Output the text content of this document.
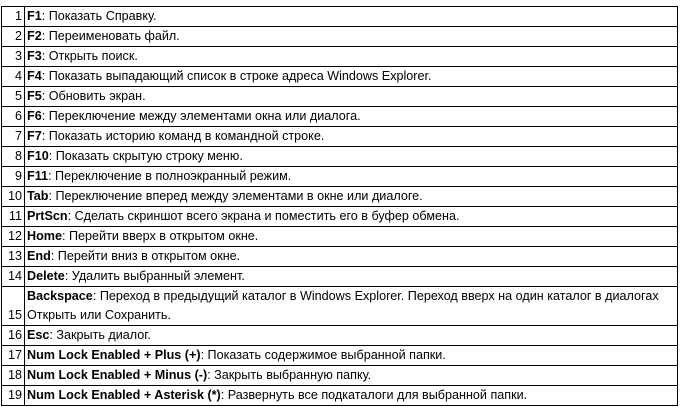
1	F1: Показать Справку.
2	F2: Переименовать файл.
3	F3: Открыть поиск.
4	F4: Показать выпадающий список в строке адреса Windows Explorer.
5	F5: Обновить экран.
6	F6: Переключение между элементами окна или диалога.
7	F7: Показать историю команд в командной строке.
8	F10: Показать скрытую строку меню.
9	F11: Переключение в полноэкранный режим.
10	Tab: Переключение вперед между элементами в окне или диалоге.
11	PrtScn: Сделать скриншот всего экрана и поместить его в буфер обмена.
12	Home: Перейти вверх в открытом окне.
13	End: Перейти вниз в открытом окне.
14	Delete: Удалить выбранный элемент.
15	Backspace: Переход в предыдущий каталог в Windows Explorer. Переход вверх на один каталог в диалогах Открыть или Сохранить.
16	Esc: Закрыть диалог.
17	Num Lock Enabled + Plus (+): Показать содержимое выбранной папки.
18	Num Lock Enabled + Minus (-): Закрыть выбранную папку.
19	Num Lock Enabled + Asterisk (*): Развернуть все подкаталоги для выбранной папки.
